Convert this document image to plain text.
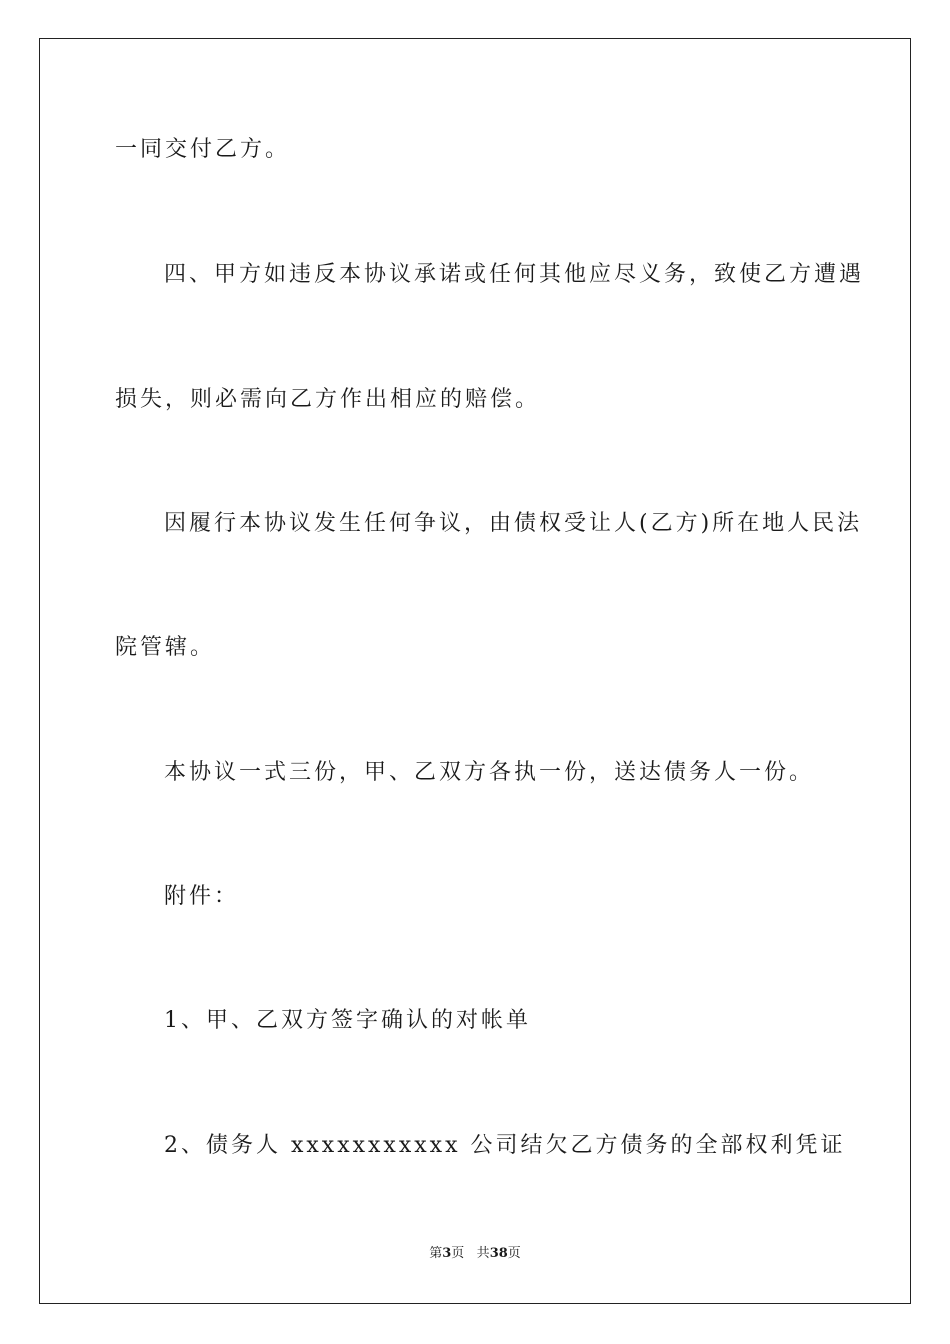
一同交付乙方。
四、甲方如违反本协议承诺或任何其他应尽义务，致使乙方遭遇
损失，则必需向乙方作出相应的赔偿。
因履行本协议发生任何争议，由债权受让人(乙方)所在地人民法
院管辖。
本协议一式三份，甲、乙双方各执一份，送达债务人一份。
附件：
1、甲、乙双方签字确认的对帐单
2、债务人 xxxxxxxxxxx 公司结欠乙方债务的全部权利凭证
第3页 共38页
